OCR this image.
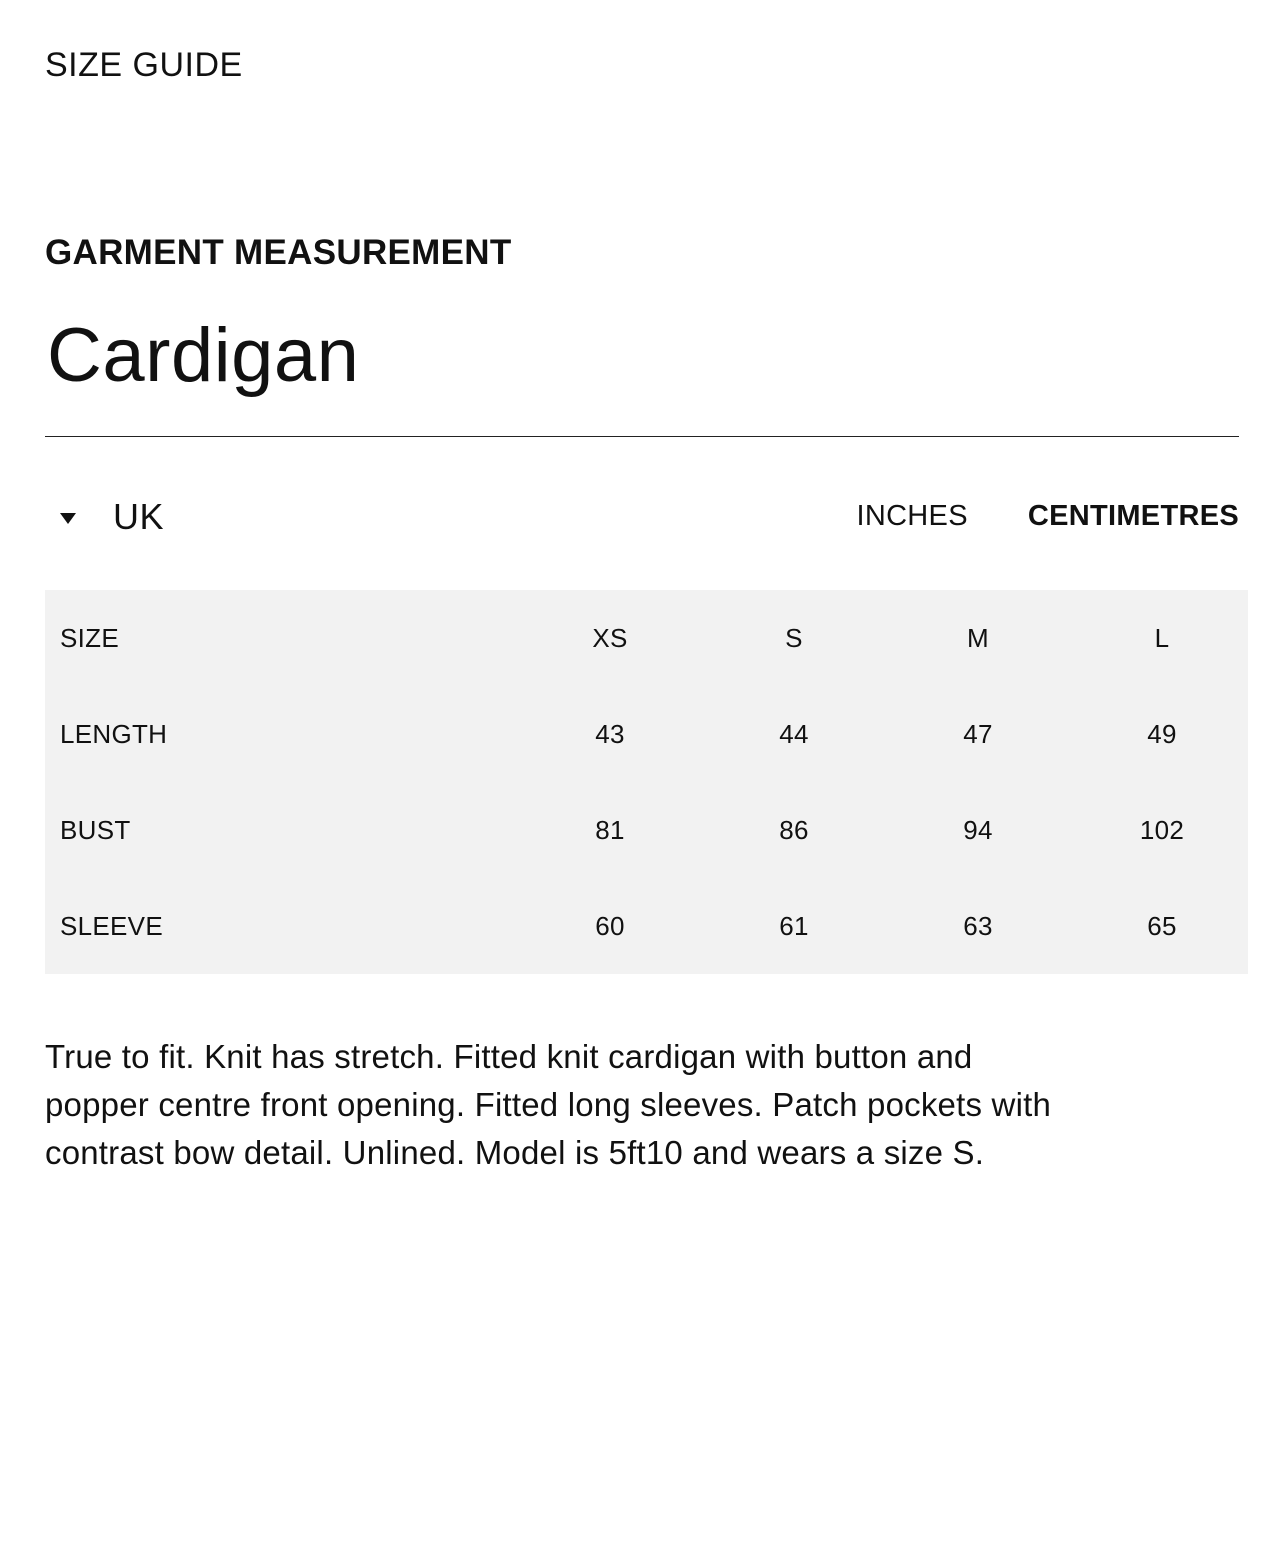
SIZE GUIDE
GARMENT MEASUREMENT
Cardigan
UK	INCHES CENTIMETRES
SIZE	XS	S	M	L
LENGTH	43	44	47	49
BUST	81	86	94	102
SLEEVE	60	61	63	65

True to fit. Knit has stretch. Fitted knit cardigan with button and popper centre front opening. Fitted long sleeves. Patch pockets with contrast bow detail. Unlined. Model is 5ft10 and wears a size S.
